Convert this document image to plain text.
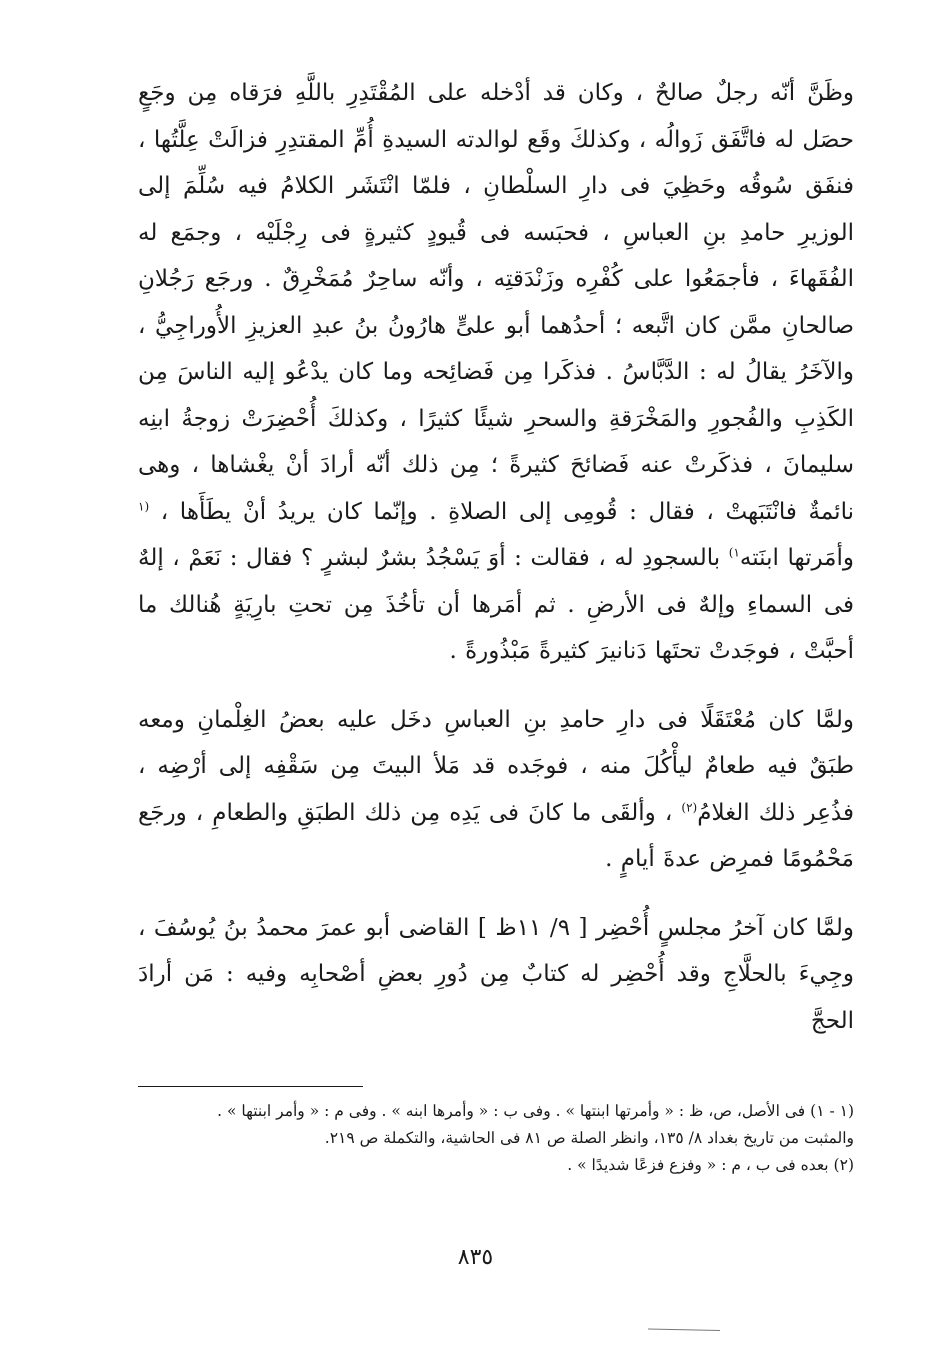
وظَنَّ أنّه رجلٌ صالحٌ ، وكان قد أدْخله على المُقْتَدِرِ باللَّهِ فرَقاه مِن وجَعٍ حصَل له فاتَّفَق زَوالُه ، وكذلكَ وقَع لوالدته السيدةِ أُمِّ المقتدِرِ فزالَتْ عِلَّتُها ، فنفَق سُوقُه وحَظِيَ فى دارِ السلْطانِ ، فلمّا انْتَشَر الكلامُ فيه سُلِّمَ إلى الوزيرِ حامدِ بنِ العباسِ ، فحبَسه فى قُيودٍ كثيرةٍ فى رِجْلَيْه ، وجمَع له الفُقَهاءَ ، فأجمَعُوا على كُفْرِه وزَنْدَقتِه ، وأنّه ساحِرٌ مُمَخْرِقٌ . ورجَع رَجُلانِ صالحانِ ممَّن كان اتَّبعه ؛ أحدُهما أبو علىٍّ هارُونُ بنُ عبدِ العزيزِ الأُوراجِيُّ ، والآخَرُ يقالُ له : الدَّبَّاسُ . فذكَرا مِن فَضائِحه وما كان يدْعُو إليه الناسَ مِن الكَذِبِ والفُجورِ والمَخْرَقةِ والسحرِ شيئًا كثيرًا ، وكذلكَ أُحْضِرَتْ زوجةُ ابنِه سليمانَ ، فذكَرتْ عنه فَضائحَ كثيرةً ؛ مِن ذلك أنّه أرادَ أنْ يغْشاها ، وهى نائمةٌ فانْتَبَهتْ ، فقال : قُومِى إلى الصلاةِ . وإنّما كان يريدُ أنْ يطَأَها ، $^{(١}$ وأمَرتها ابنَته$^{١)}$ بالسجودِ له ، فقالت : أوَ يَسْجُدُ بشرٌ لبشرٍ ؟ فقال : نَعَمْ ، إلهٌ فى السماءِ وإلهٌ فى الأرضِ . ثم أمَرها أن تأخُذَ مِن تحتِ بارِيَةٍ هُنالك ما أحبَّتْ ، فوجَدتْ تحتَها دَنانيرَ كثيرةً مَبْذُورةً .

ولمَّا كان مُعْتَقَلًا فى دارِ حامدِ بنِ العباسِ دخَل عليه بعضُ الغِلْمانِ ومعه طبَقٌ فيه طعامٌ ليأْكُلَ منه ، فوجَده قد مَلأ البيتَ مِن سَقْفِه إلى أرْضِه ، فذُعِر ذلك الغلامُ$^{(٢)}$ ، وألقَى ما كانَ فى يَدِه مِن ذلك الطبَقِ والطعامِ ، ورجَع مَحْمُومًا فمرِض عدةَ أيامٍ .

ولمَّا كان آخرُ مجلسٍ أُحْضِر [ ٩/ ١١ظ ] القاضى أبو عمرَ محمدُ بنُ يُوسُفَ ، وجِيءَ بالحلَّاجِ وقد أُحْضِر له كتابٌ مِن دُورِ بعضِ أصْحابِه وفيه : مَن أرادَ الحجَّ

(١ - ١) فى الأصل، ص، ظ : « وأمرتها ابنتها » . وفى ب : « وأمرها ابنه » . وفى م : « وأمر ابنتها » .

والمثبت من تاريخ بغداد ٨/ ١٣٥، وانظر الصلة ص ٨١ فى الحاشية، والتكملة ص ٢١٩.

(٢) بعده فى ب ، م : « وفزع فزعًا شديدًا » .

٨٣٥
